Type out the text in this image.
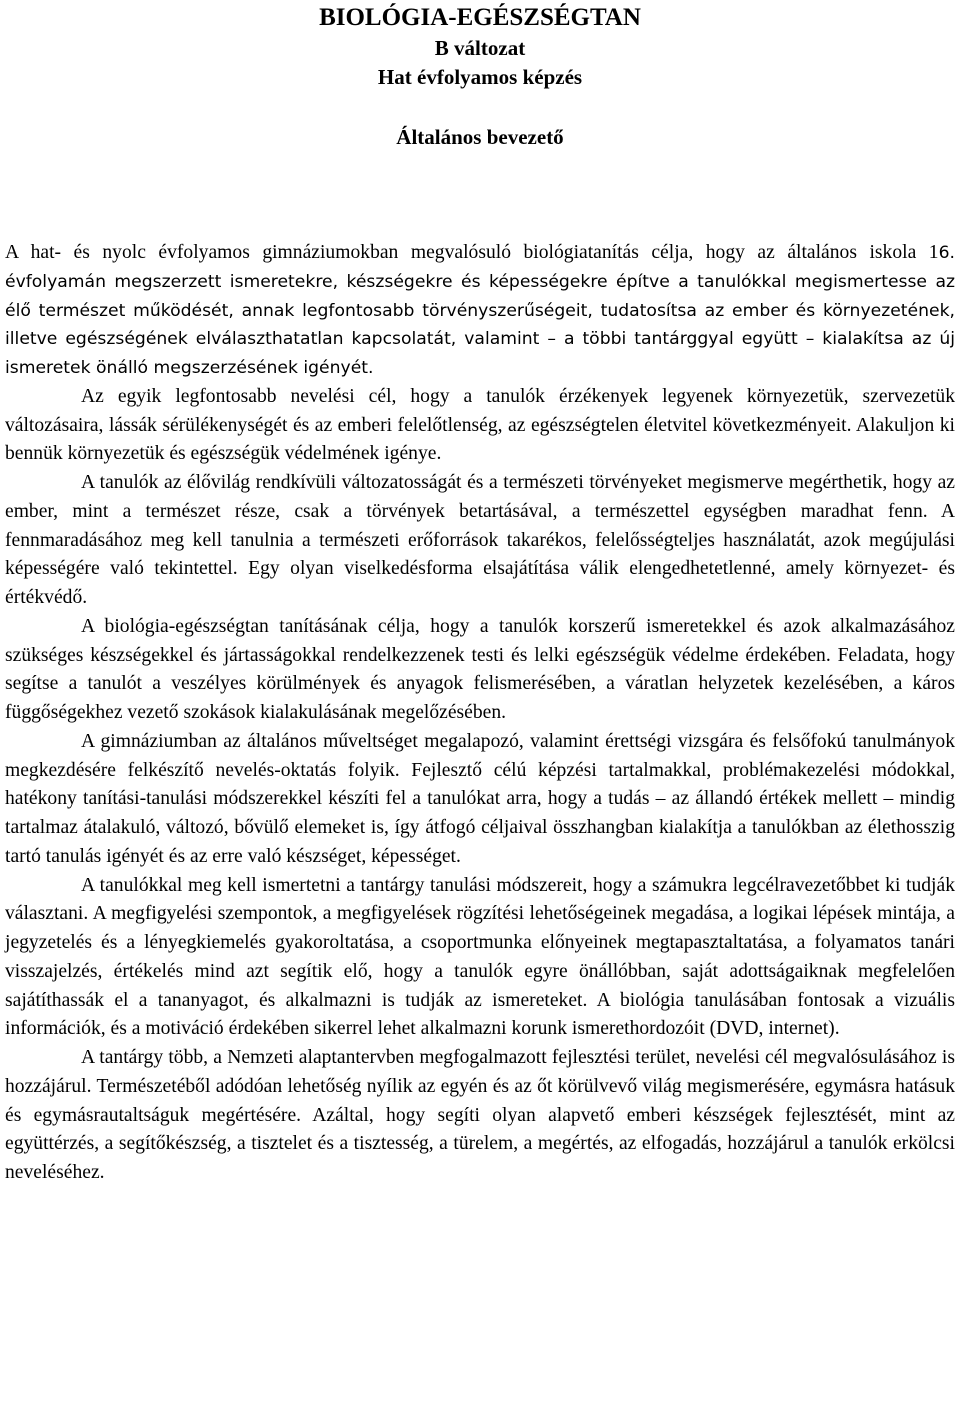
BIOLÓGIA-EGÉSZSÉGTAN
B változat
Hat évfolyamos képzés
Általános bevezető

A hat- és nyolc évfolyamos gimnáziumokban megvalósuló biológiatanítás célja, hogy az általános iskola 16. évfolyamán megszerzett ismeretekre, készségekre és képességekre építve a tanulókkal megismertesse az élő természet működését, annak legfontosabb törvényszerűségeit, tudatosítsa az ember és környezetének, illetve egészségének elválaszthatatlan kapcsolatát, valamint – a többi tantárggyal együtt – kialakítsa az új ismeretek önálló megszerzésének igényét.

Az egyik legfontosabb nevelési cél, hogy a tanulók érzékenyek legyenek környezetük, szervezetük változásaira, lássák sérülékenységét és az emberi felelőtlenség, az egészségtelen életvitel következményeit. Alakuljon ki bennük környezetük és egészségük védelmének igénye.

A tanulók az élővilág rendkívüli változatosságát és a természeti törvényeket megismerve megérthetik, hogy az ember, mint a természet része, csak a törvények betartásával, a természettel egységben maradhat fenn. A fennmaradásához meg kell tanulnia a természeti erőforrások takarékos, felelősségteljes használatát, azok megújulási képességére való tekintettel. Egy olyan viselkedésforma elsajátítása válik elengedhetetlenné, amely környezet- és értékvédő.

A biológia-egészségtan tanításának célja, hogy a tanulók korszerű ismeretekkel és azok alkalmazásához szükséges készségekkel és jártasságokkal rendelkezzenek testi és lelki egészségük védelme érdekében. Feladata, hogy segítse a tanulót a veszélyes körülmények és anyagok felismerésében, a váratlan helyzetek kezelésében, a káros függőségekhez vezető szokások kialakulásának megelőzésében.

A gimnáziumban az általános műveltséget megalapozó, valamint érettségi vizsgára és felsőfokú tanulmányok megkezdésére felkészítő nevelés-oktatás folyik. Fejlesztő célú képzési tartalmakkal, problémakezelési módokkal, hatékony tanítási-tanulási módszerekkel készíti fel a tanulókat arra, hogy a tudás – az állandó értékek mellett – mindig tartalmaz átalakuló, változó, bővülő elemeket is, így átfogó céljaival összhangban kialakítja a tanulókban az élethosszig tartó tanulás igényét és az erre való készséget, képességet.

A tanulókkal meg kell ismertetni a tantárgy tanulási módszereit, hogy a számukra legcélravezetőbbet ki tudják választani. A megfigyelési szempontok, a megfigyelések rögzítési lehetőségeinek megadása, a logikai lépések mintája, a jegyzetelés és a lényegkiemelés gyakoroltatása, a csoportmunka előnyeinek megtapasztaltatása, a folyamatos tanári visszajelzés, értékelés mind azt segítik elő, hogy a tanulók egyre önállóbban, saját adottságaiknak megfelelően sajátíthassák el a tananyagot, és alkalmazni is tudják az ismereteket. A biológia tanulásában fontosak a vizuális információk, és a motiváció érdekében sikerrel lehet alkalmazni korunk ismerethordozóit (DVD, internet).

A tantárgy több, a Nemzeti alaptantervben megfogalmazott fejlesztési terület, nevelési cél megvalósulásához is hozzájárul. Természetéből adódóan lehetőség nyílik az egyén és az őt körülvevő világ megismerésére, egymásra hatásuk és egymásrautaltságuk megértésére. Azáltal, hogy segíti olyan alapvető emberi készségek fejlesztését, mint az együttérzés, a segítőkészség, a tisztelet és a tisztesség, a türelem, a megértés, az elfogadás, hozzájárul a tanulók erkölcsi neveléséhez.
